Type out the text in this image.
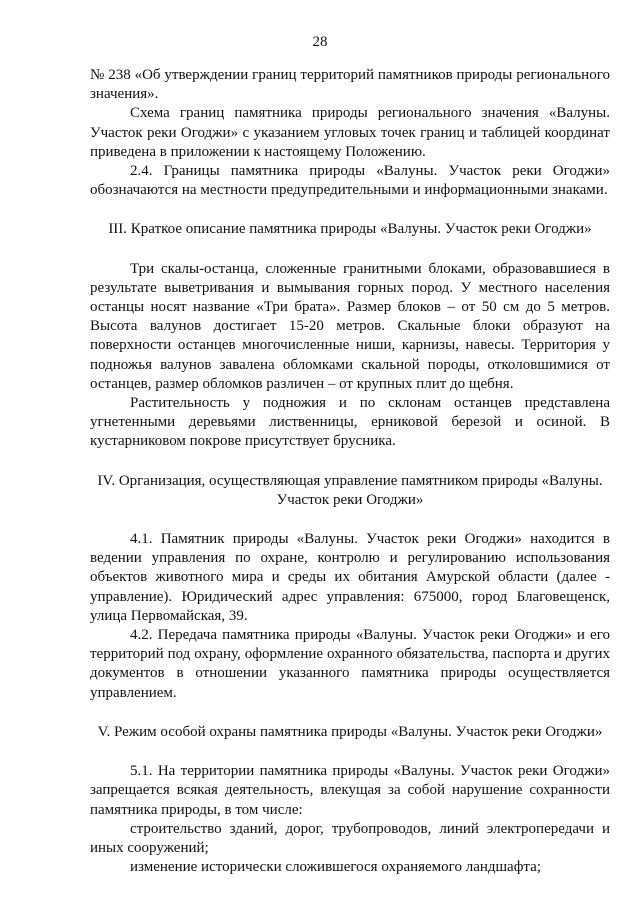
28

№ 238 «Об утверждении границ территорий памятников природы регионального значения».

Схема границ памятника природы регионального значения «Валуны. Участок реки Огоджи» с указанием угловых точек границ и таблицей координат приведена в приложении к настоящему Положению.

2.4. Границы памятника природы «Валуны. Участок реки Огоджи» обозначаются на местности предупредительными и информационными знаками.

III. Краткое описание памятника природы «Валуны. Участок реки Огоджи»

Три скалы-останца, сложенные гранитными блоками, образовавшиеся в результате выветривания и вымывания горных пород. У местного населения останцы носят название «Три брата». Размер блоков – от 50 см до 5 метров. Высота валунов достигает 15-20 метров. Скальные блоки образуют на поверхности останцев многочисленные ниши, карнизы, навесы. Территория у подножья валунов завалена обломками скальной породы, отколовшимися от останцев, размер обломков различен – от крупных плит до щебня.

Растительность у подножия и по склонам останцев представлена угнетенными деревьями лиственницы, ерниковой березой и осиной. В кустарниковом покрове присутствует брусника.

IV. Организация, осуществляющая управление памятником природы «Валуны. Участок реки Огоджи»

4.1. Памятник природы «Валуны. Участок реки Огоджи» находится в ведении управления по охране, контролю и регулированию использования объектов животного мира и среды их обитания Амурской области (далее - управление). Юридический адрес управления: 675000, город Благовещенск, улица Первомайская, 39.

4.2. Передача памятника природы «Валуны. Участок реки Огоджи» и его территорий под охрану, оформление охранного обязательства, паспорта и других документов в отношении указанного памятника природы осуществляется управлением.

V. Режим особой охраны памятника природы «Валуны. Участок реки Огоджи»

5.1. На территории памятника природы «Валуны. Участок реки Огоджи» запрещается всякая деятельность, влекущая за собой нарушение сохранности памятника природы, в том числе:

строительство зданий, дорог, трубопроводов, линий электропередачи и иных сооружений;

изменение исторически сложившегося охраняемого ландшафта;
